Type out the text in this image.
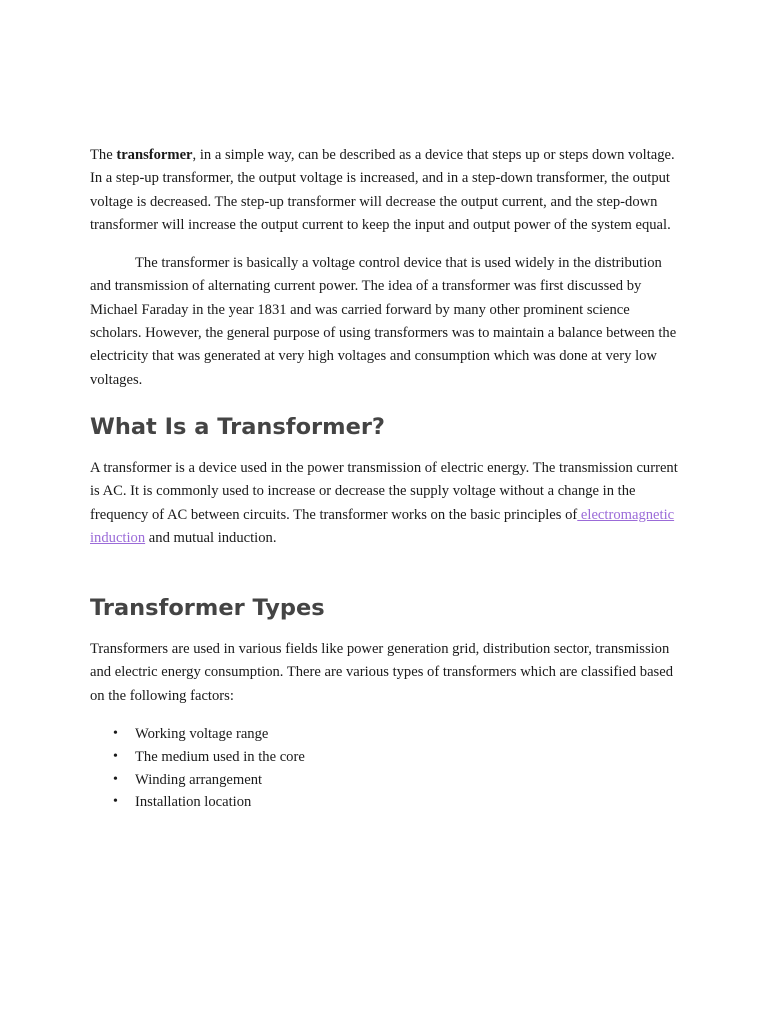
The transformer, in a simple way, can be described as a device that steps up or steps down voltage. In a step-up transformer, the output voltage is increased, and in a step-down transformer, the output voltage is decreased. The step-up transformer will decrease the output current, and the step-down transformer will increase the output current to keep the input and output power of the system equal.

The transformer is basically a voltage control device that is used widely in the distribution and transmission of alternating current power. The idea of a transformer was first discussed by Michael Faraday in the year 1831 and was carried forward by many other prominent science scholars. However, the general purpose of using transformers was to maintain a balance between the electricity that was generated at very high voltages and consumption which was done at very low voltages.

What Is a Transformer?

A transformer is a device used in the power transmission of electric energy. The transmission current is AC. It is commonly used to increase or decrease the supply voltage without a change in the frequency of AC between circuits. The transformer works on the basic principles of electromagnetic induction and mutual induction.

Transformer Types

Transformers are used in various fields like power generation grid, distribution sector, transmission and electric energy consumption. There are various types of transformers which are classified based on the following factors:

• Working voltage range
• The medium used in the core
• Winding arrangement
• Installation location
